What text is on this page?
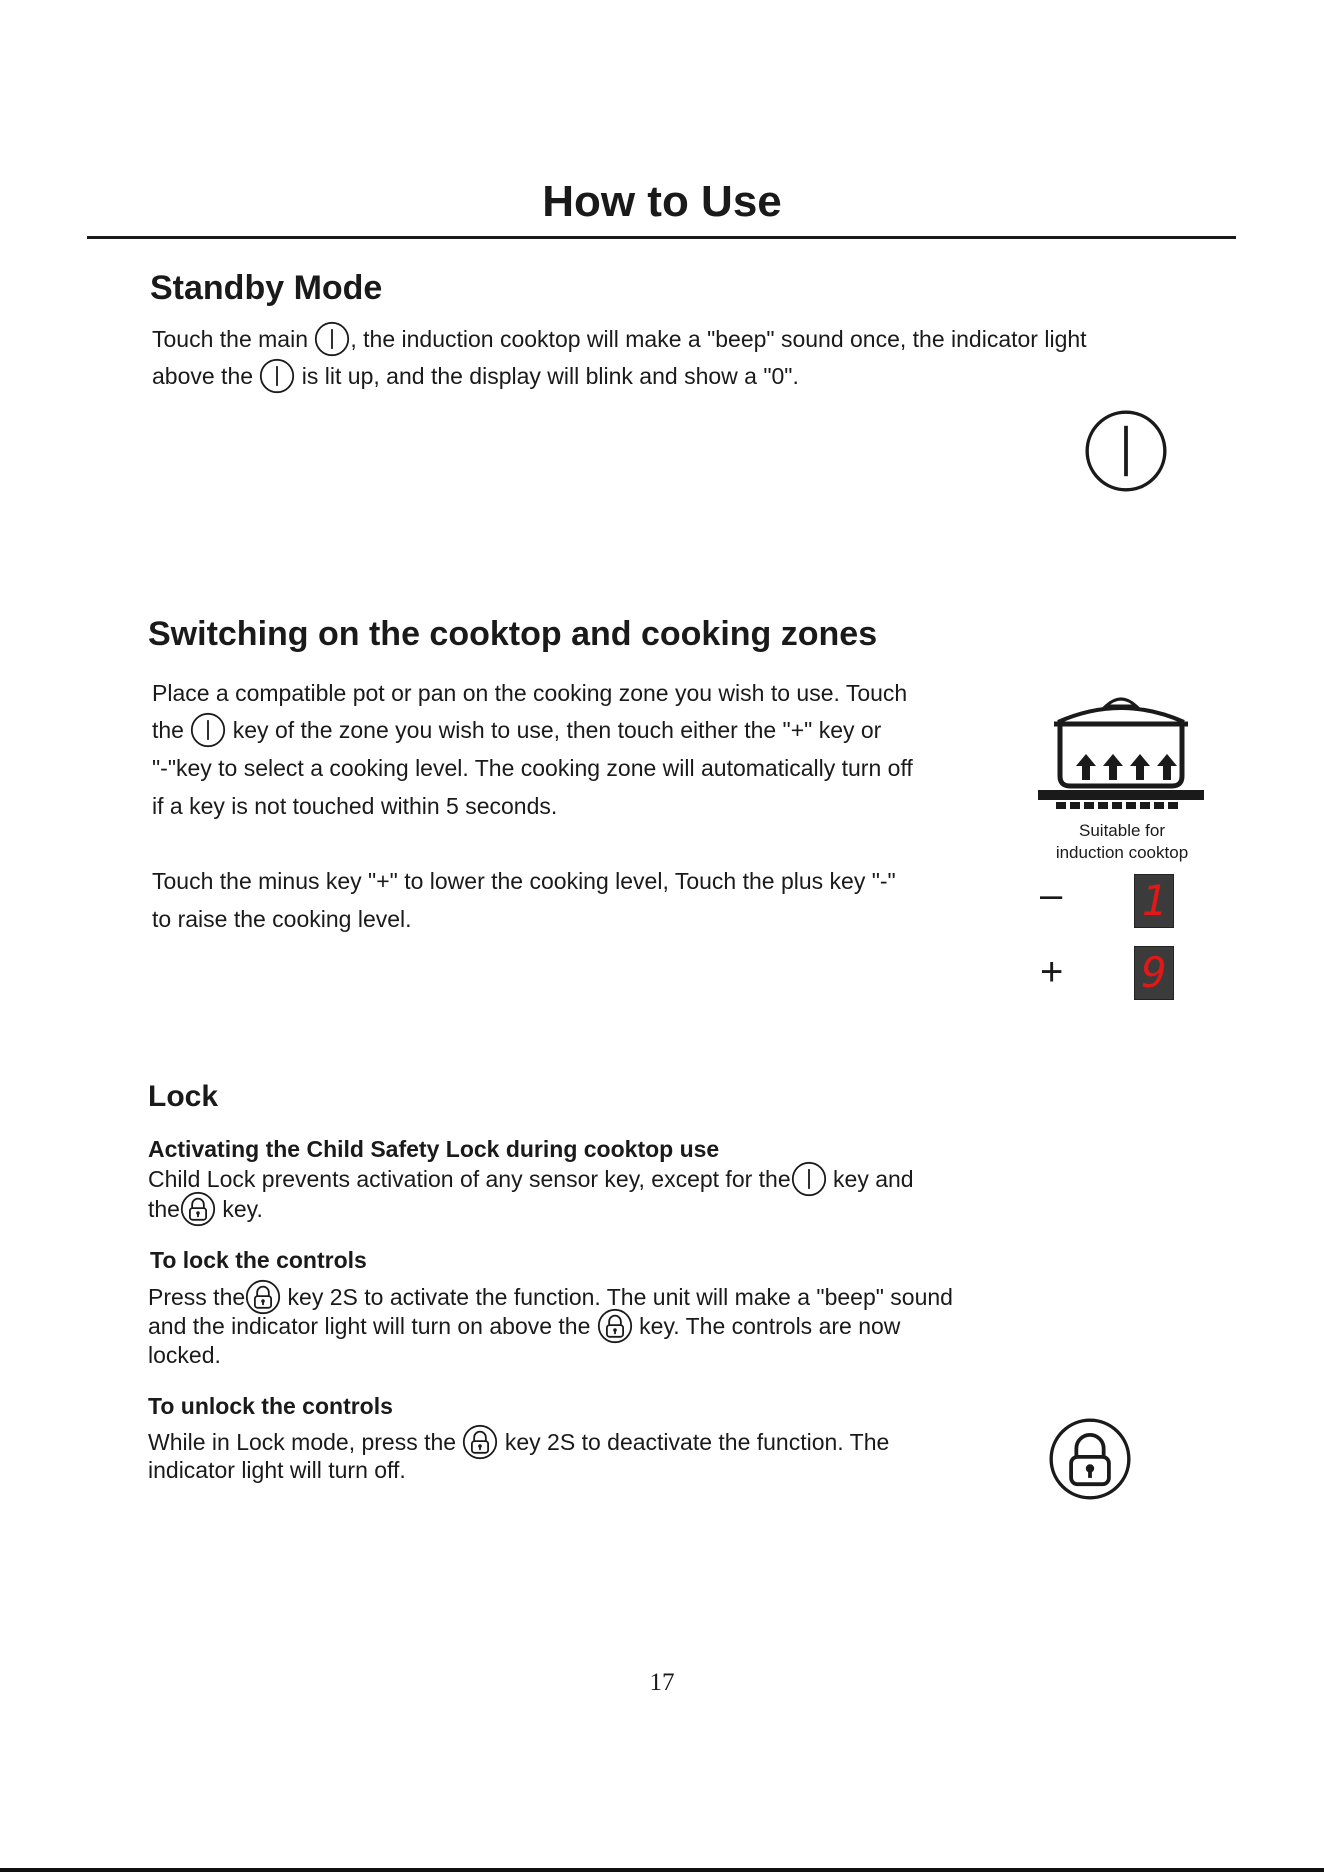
How to Use
Standby Mode
Touch the main
, the induction cooktop will make a "beep" sound once, the indicator light
above the
is lit up, and the display will blink and show a "0".
Switching on the cooktop and cooking zones
Place a compatible pot or pan on the cooking zone you wish to use. Touch
the
key of the zone you wish to use, then touch either the "+" key or
"-"key to select a cooking level. The cooking zone will automatically turn off
if a key is not touched within 5 seconds.
Touch the minus key "+" to lower the cooking level, Touch the plus key "-"
to raise the cooking level.
Suitable for
induction cooktop
– 1
+ 9
Lock
Activating the Child Safety Lock during cooktop use
Child Lock prevents activation of any sensor key, except for the
key and
the
key.
To lock the controls
Press the
key 2S to activate the function. The unit will make a "beep" sound
and the indicator light will turn on above the
key. The controls are now
locked.
To unlock the controls
While in Lock mode, press the
key 2S to deactivate the function. The
indicator light will turn off.
17
